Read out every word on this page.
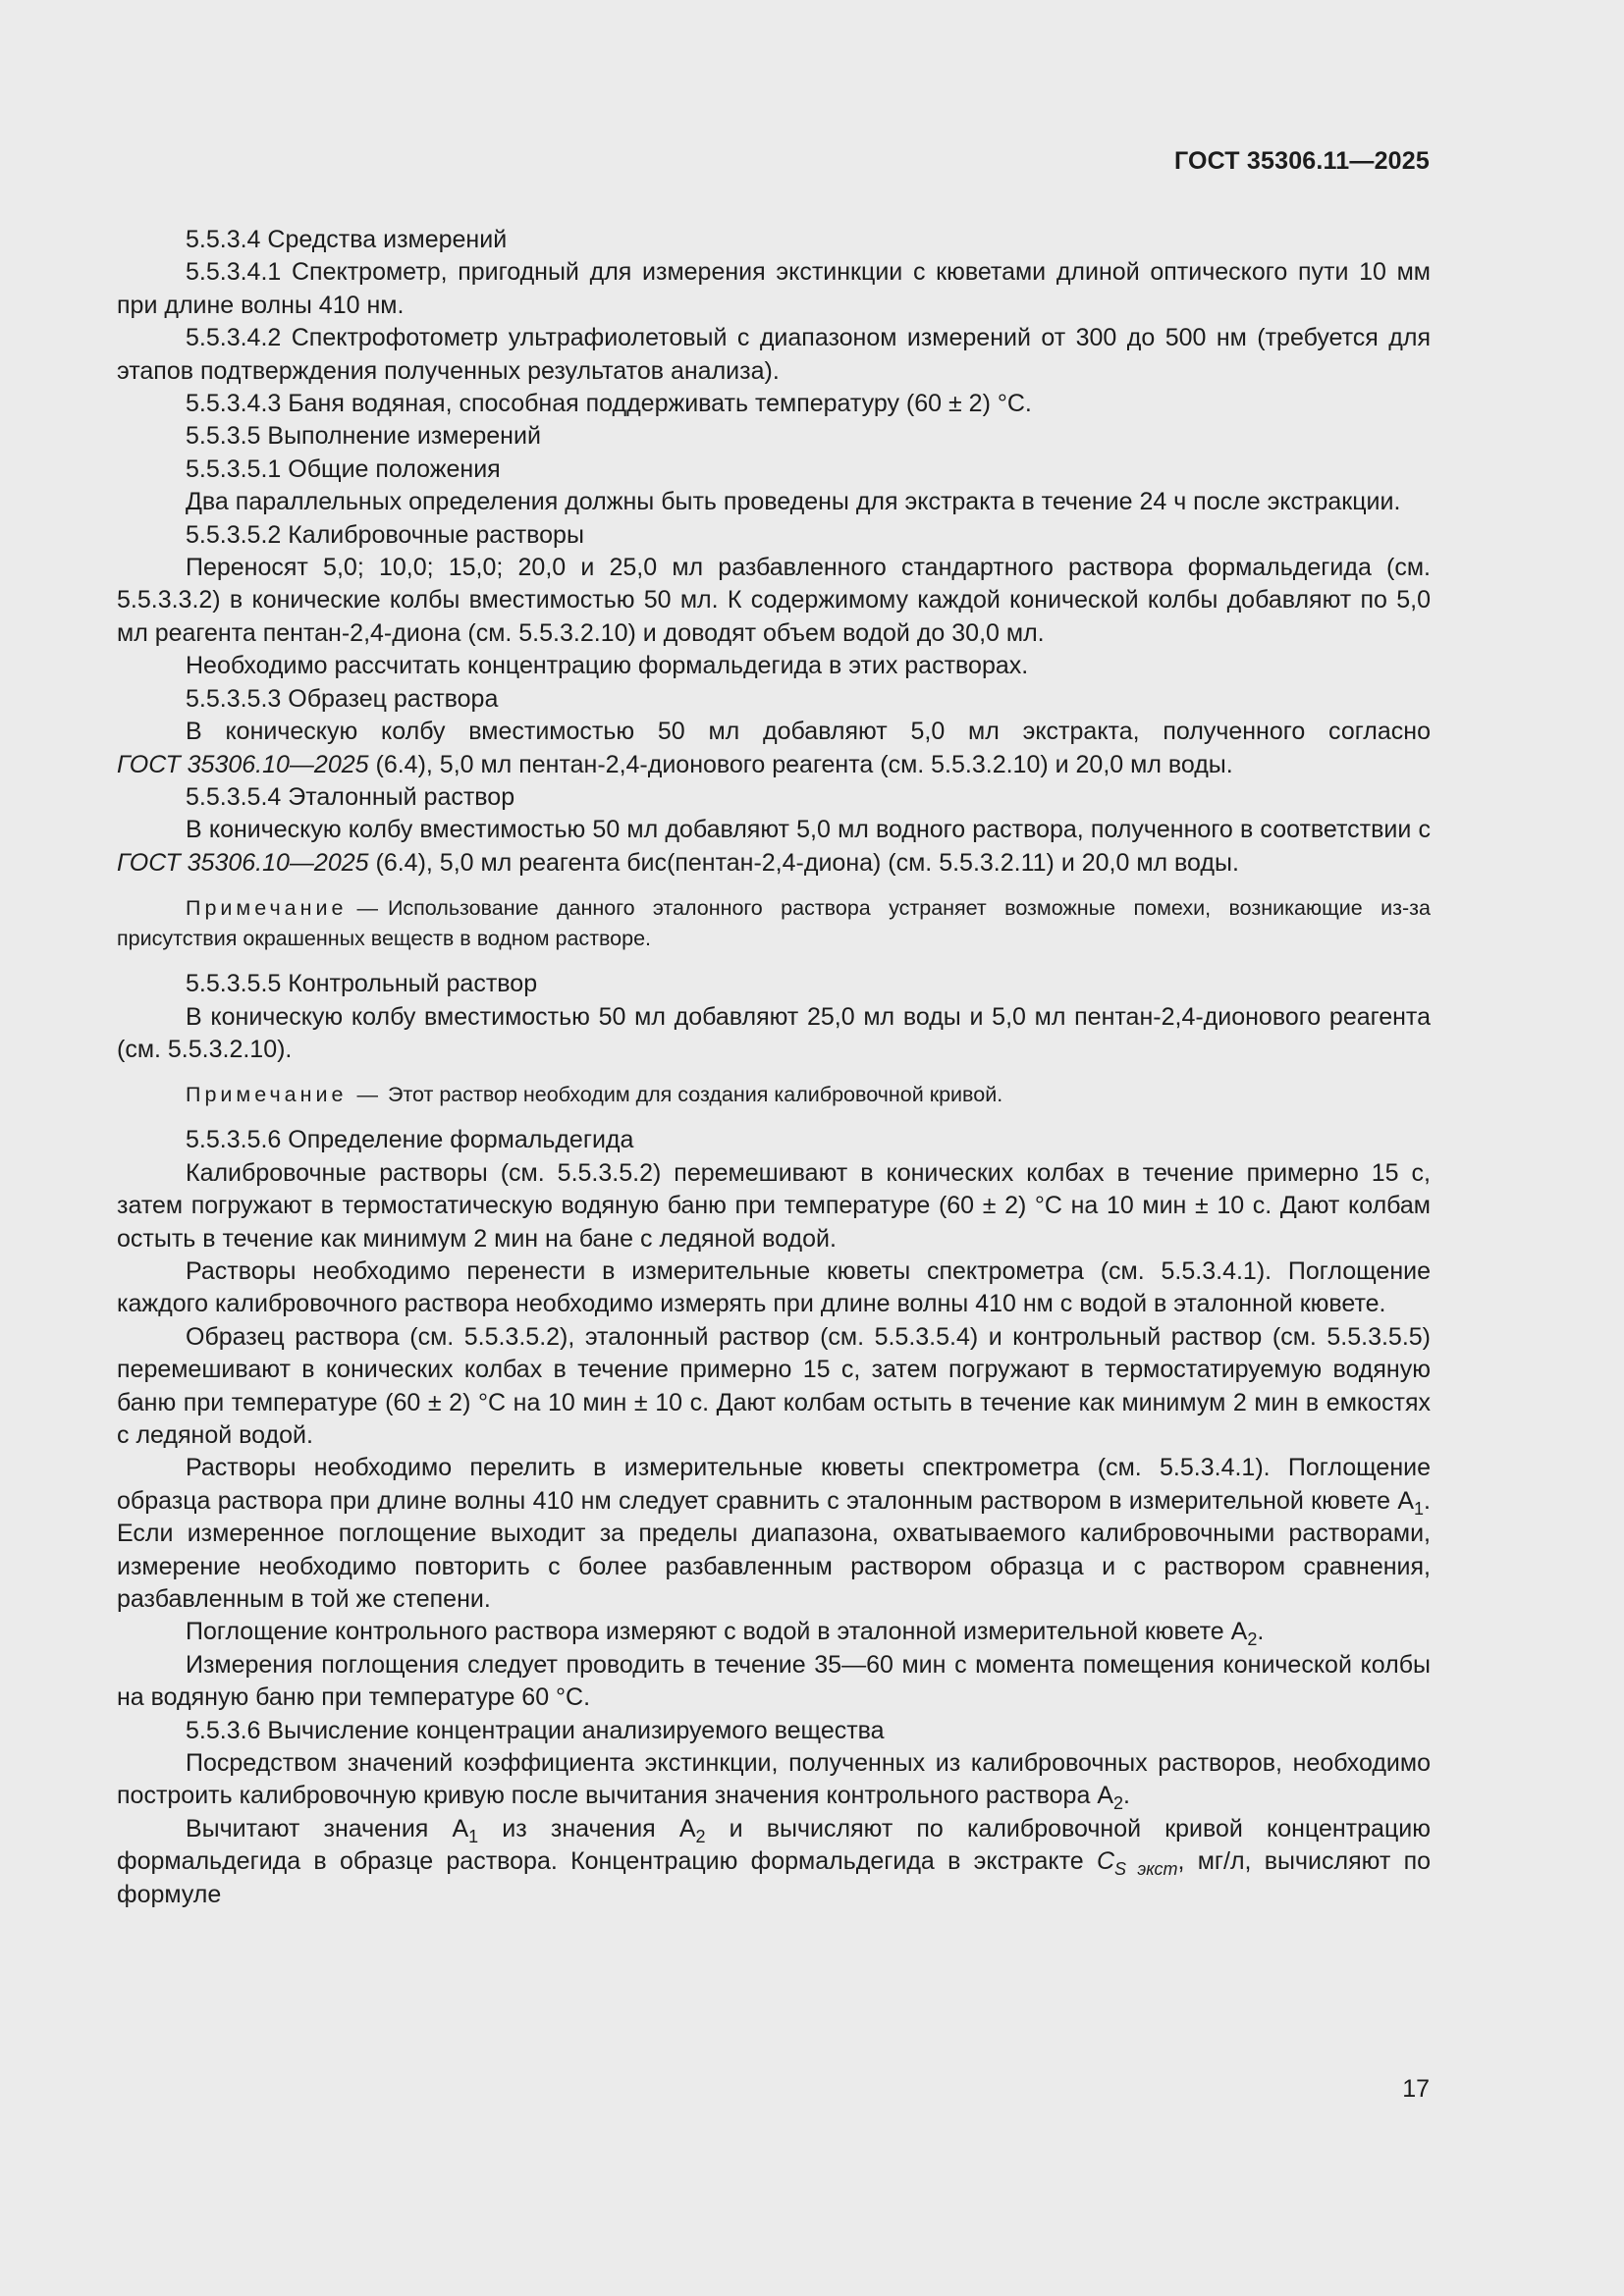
ГОСТ 35306.11—2025

5.5.3.4 Средства измерений

5.5.3.4.1 Спектрометр, пригодный для измерения экстинкции с кюветами длиной оптического пути 10 мм при длине волны 410 нм.

5.5.3.4.2 Спектрофотометр ультрафиолетовый с диапазоном измерений от 300 до 500 нм (требуется для этапов подтверждения полученных результатов анализа).

5.5.3.4.3 Баня водяная, способная поддерживать температуру (60 ± 2) °C.

5.5.3.5 Выполнение измерений

5.5.3.5.1 Общие положения

Два параллельных определения должны быть проведены для экстракта в течение 24 ч после экстракции.

5.5.3.5.2 Калибровочные растворы

Переносят 5,0; 10,0; 15,0; 20,0 и 25,0 мл разбавленного стандартного раствора формальдегида (см. 5.5.3.3.2) в конические колбы вместимостью 50 мл. К содержимому каждой конической колбы добавляют по 5,0 мл реагента пентан-2,4-диона (см. 5.5.3.2.10) и доводят объем водой до 30,0 мл.

Необходимо рассчитать концентрацию формальдегида в этих растворах.

5.5.3.5.3 Образец раствора

В коническую колбу вместимостью 50 мл добавляют 5,0 мл экстракта, полученного согласно
ГОСТ 35306.10—2025 (6.4), 5,0 мл пентан-2,4-дионового реагента (см. 5.5.3.2.10) и 20,0 мл воды.

5.5.3.5.4 Эталонный раствор

В коническую колбу вместимостью 50 мл добавляют 5,0 мл водного раствора, полученного в соответствии с ГОСТ 35306.10—2025 (6.4), 5,0 мл реагента бис(пентан-2,4-диона) (см. 5.5.3.2.11) и 20,0 мл воды.

Примечание — Использование данного эталонного раствора устраняет возможные помехи, возникающие из-за присутствия окрашенных веществ в водном растворе.

5.5.3.5.5 Контрольный раствор

В коническую колбу вместимостью 50 мл добавляют 25,0 мл воды и 5,0 мл пентан-2,4-дионового реагента (см. 5.5.3.2.10).

Примечание — Этот раствор необходим для создания калибровочной кривой.

5.5.3.5.6 Определение формальдегида

Калибровочные растворы (см. 5.5.3.5.2) перемешивают в конических колбах в течение примерно 15 с, затем погружают в термостатическую водяную баню при температуре (60 ± 2) °C на 10 мин ± 10 с. Дают колбам остыть в течение как минимум 2 мин на бане с ледяной водой.

Растворы необходимо перенести в измерительные кюветы спектрометра (см. 5.5.3.4.1). Поглощение каждого калибровочного раствора необходимо измерять при длине волны 410 нм с водой в эталонной кювете.

Образец раствора (см. 5.5.3.5.2), эталонный раствор (см. 5.5.3.5.4) и контрольный раствор (см. 5.5.3.5.5) перемешивают в конических колбах в течение примерно 15 с, затем погружают в термостатируемую водяную баню при температуре (60 ± 2) °C на 10 мин ± 10 с. Дают колбам остыть в течение как минимум 2 мин в емкостях с ледяной водой.

Растворы необходимо перелить в измерительные кюветы спектрометра (см. 5.5.3.4.1). Поглощение образца раствора при длине волны 410 нм следует сравнить с эталонным раствором в измерительной кювете $A_1$. Если измеренное поглощение выходит за пределы диапазона, охватываемого калибровочными растворами, измерение необходимо повторить с более разбавленным раствором образца и с раствором сравнения, разбавленным в той же степени.

Поглощение контрольного раствора измеряют с водой в эталонной измерительной кювете $A_2$.

Измерения поглощения следует проводить в течение 35—60 мин с момента помещения конической колбы на водяную баню при температуре 60 °C.

5.5.3.6 Вычисление концентрации анализируемого вещества

Посредством значений коэффициента экстинкции, полученных из калибровочных растворов, необходимо построить калибровочную кривую после вычитания значения контрольного раствора $A_2$.

Вычитают значения $A_1$ из значения $A_2$ и вычисляют по калибровочной кривой концентрацию формальдегида в образце раствора. Концентрацию формальдегида в экстракте $C_{S экст}$, мг/л, вычисляют по формуле

17
